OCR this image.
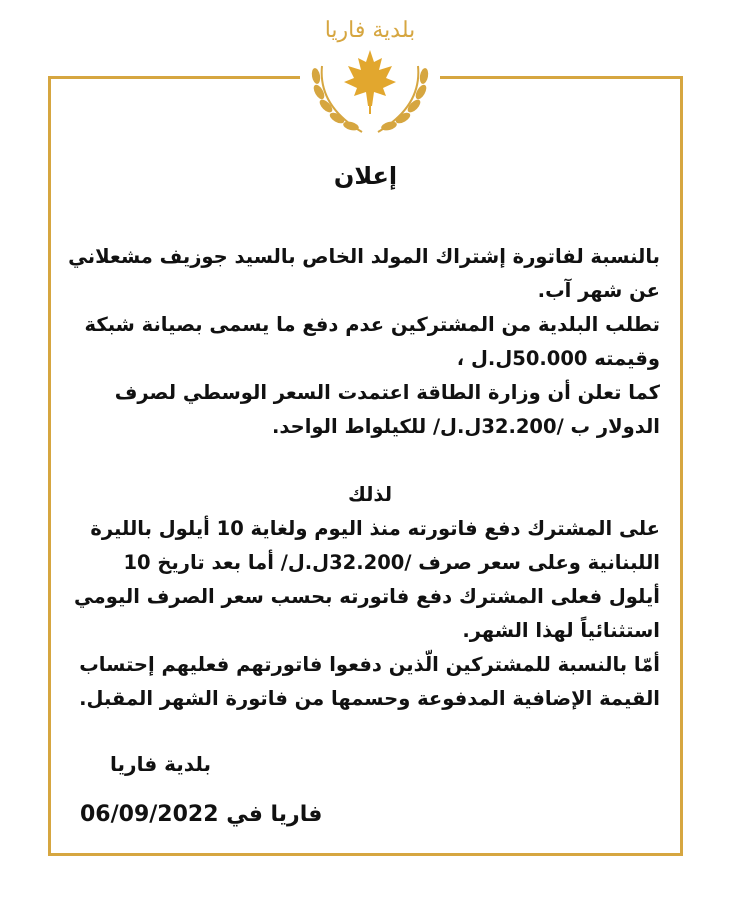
بلدية فاريا
إعلان
بالنسبة لفاتورة إشتراك المولد الخاص بالسيد جوزيف مشعلاني
عن شهر آب.
تطلب البلدية من المشتركين عدم دفع ما يسمى بصيانة شبكة
وقيمته 50.000ل.ل ،
كما تعلن أن وزارة الطاقة اعتمدت السعر الوسطي لصرف
الدولار ب /32.200ل.ل/ للكيلواط الواحد.
لذلك
على المشترك دفع فاتورته منذ اليوم ولغاية 10 أيلول بالليرة
اللبنانية وعلى سعر صرف /32.200ل.ل/ أما بعد تاريخ 10
أيلول فعلى المشترك دفع فاتورته بحسب سعر الصرف اليومي
استثنائياً لهذا الشهر.
أمّا بالنسبة للمشتركين الّذين دفعوا فاتورتهم فعليهم إحتساب
القيمة الإضافية المدفوعة وحسمها من فاتورة الشهر المقبل.
بلدية فاريا
فاريا في 06/09/2022
